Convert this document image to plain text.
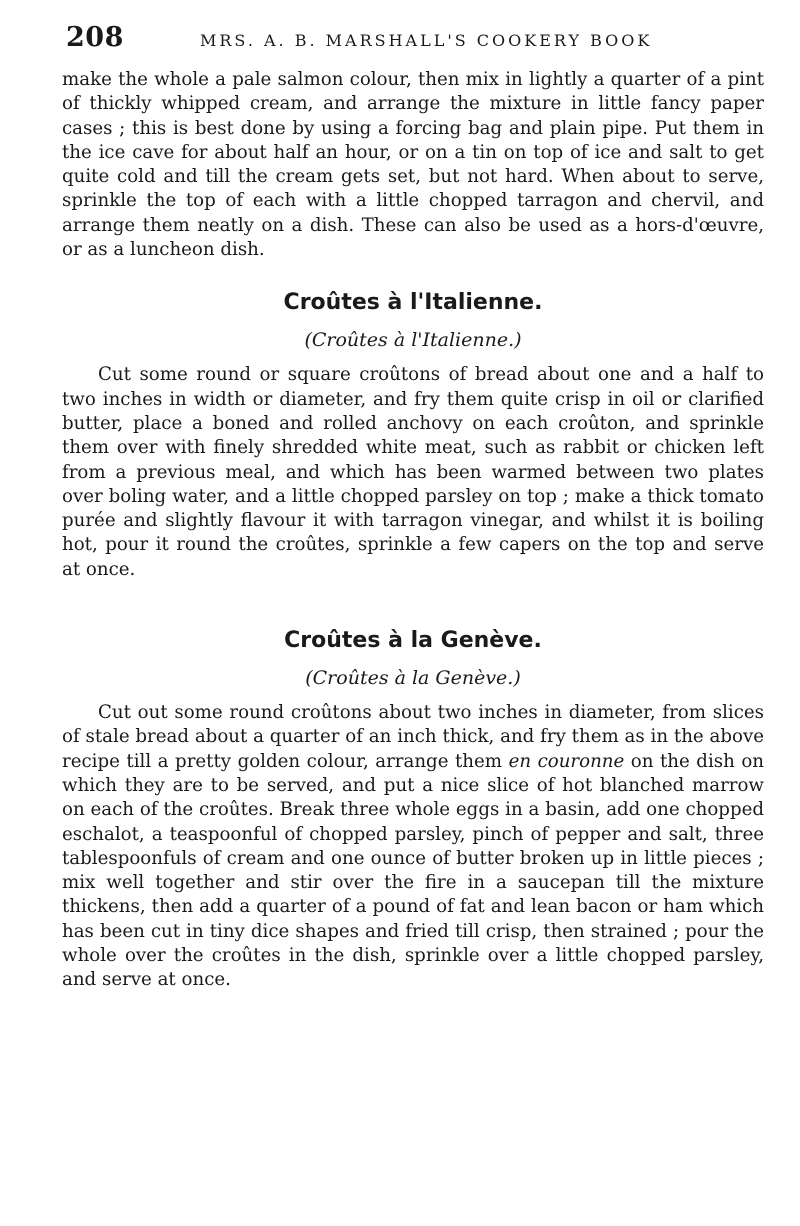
208	MRS. A. B. MARSHALL'S COOKERY BOOK

make the whole a pale salmon colour, then mix in lightly a quarter of a pint of thickly whipped cream, and arrange the mixture in little fancy paper cases ; this is best done by using a forcing bag and plain pipe. Put them in the ice cave for about half an hour, or on a tin on top of ice and salt to get quite cold and till the cream gets set, but not hard. When about to serve, sprinkle the top of each with a little chopped tarragon and chervil, and arrange them neatly on a dish. These can also be used as a hors-d'œuvre, or as a luncheon dish.

Croûtes à l'Italienne.

(Croûtes à l'Italienne.)

Cut some round or square croûtons of bread about one and a half to two inches in width or diameter, and fry them quite crisp in oil or clarified butter, place a boned and rolled anchovy on each croûton, and sprinkle them over with finely shredded white meat, such as rabbit or chicken left from a previous meal, and which has been warmed between two plates over boling water, and a little chopped parsley on top ; make a thick tomato purée and slightly flavour it with tarragon vinegar, and whilst it is boiling hot, pour it round the croûtes, sprinkle a few capers on the top and serve at once.

Croûtes à la Genève.

(Croûtes à la Genève.)

Cut out some round croûtons about two inches in diameter, from slices of stale bread about a quarter of an inch thick, and fry them as in the above recipe till a pretty golden colour, arrange them en couronne on the dish on which they are to be served, and put a nice slice of hot blanched marrow on each of the croûtes. Break three whole eggs in a basin, add one chopped eschalot, a teaspoonful of chopped parsley, pinch of pepper and salt, three tablespoonfuls of cream and one ounce of butter broken up in little pieces ; mix well together and stir over the fire in a saucepan till the mixture thickens, then add a quarter of a pound of fat and lean bacon or ham which has been cut in tiny dice shapes and fried till crisp, then strained ; pour the whole over the croûtes in the dish, sprinkle over a little chopped parsley, and serve at once.
